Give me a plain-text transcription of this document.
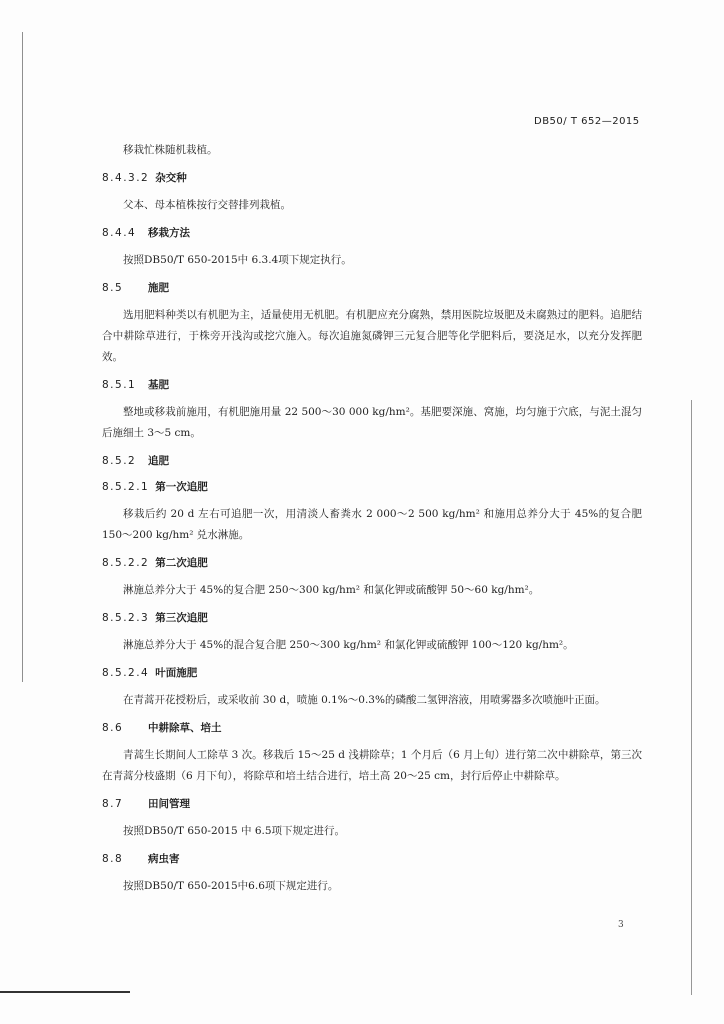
DB50/ T 652—2015
移栽忙株随机栽植。
8.4.3.2 杂交种
父本、母本植株按行交替排列栽植。
8.4.4 移栽方法
按照DB50/T 650-2015中 6.3.4项下规定执行。
8.5 施肥
选用肥料种类以有机肥为主，适量使用无机肥。有机肥应充分腐熟，禁用医院垃圾肥及未腐熟过的肥料。追肥结合中耕除草进行，于株旁开浅沟或挖穴施入。每次追施氮磷钾三元复合肥等化学肥料后，要浇足水，以充分发挥肥效。
8.5.1 基肥
整地或移栽前施用，有机肥施用量 22 500～30 000 kg/hm²。基肥要深施、窝施，均匀施于穴底，与泥土混匀后施细土 3～5 cm。
8.5.2 追肥
8.5.2.1 第一次追肥
移栽后约 20 d 左右可追肥一次，用清淡人畜粪水 2 000～2 500 kg/hm² 和施用总养分大于 45%的复合肥 150～200 kg/hm² 兑水淋施。
8.5.2.2 第二次追肥
淋施总养分大于 45%的复合肥 250～300 kg/hm² 和氯化钾或硫酸钾 50～60 kg/hm²。
8.5.2.3 第三次追肥
淋施总养分大于 45%的混合复合肥 250～300 kg/hm² 和氯化钾或硫酸钾 100～120 kg/hm²。
8.5.2.4 叶面施肥
在青蒿开花授粉后，或采收前 30 d，喷施 0.1%～0.3%的磷酸二氢钾溶液，用喷雾器多次喷施叶正面。
8.6 中耕除草、培土
青蒿生长期间人工除草 3 次。移栽后 15～25 d 浅耕除草；1 个月后（6 月上旬）进行第二次中耕除草，第三次在青蒿分枝盛期（6 月下旬），将除草和培土结合进行，培土高 20～25 cm，封行后停止中耕除草。
8.7 田间管理
按照DB50/T 650-2015 中 6.5项下规定进行。
8.8 病虫害
按照DB50/T 650-2015中6.6项下规定进行。
3
